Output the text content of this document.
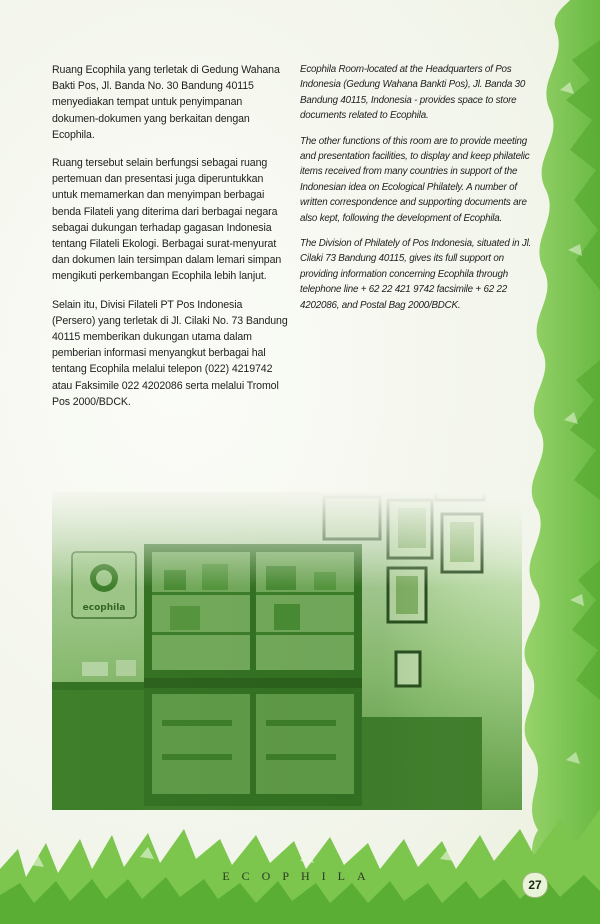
Ruang Ecophila yang terletak di Gedung Wahana Bakti Pos, Jl. Banda No. 30 Bandung 40115 menyediakan tempat untuk penyimpanan dokumen-dokumen yang berkaitan dengan Ecophila.

Ruang tersebut selain berfungsi sebagai ruang pertemuan dan presentasi juga diperuntukkan untuk memamerkan dan menyimpan berbagai benda Filateli yang diterima dari berbagai negara sebagai dukungan terhadap gagasan Indonesia tentang Filateli Ekologi. Berbagai surat-menyurat dan dokumen lain tersimpan dalam lemari simpan mengikuti perkembangan Ecophila lebih lanjut.

Selain itu, Divisi Filateli PT Pos Indonesia (Persero) yang terletak di Jl. Cilaki No. 73 Bandung 40115 memberikan dukungan utama dalam pemberian informasi menyangkut berbagai hal tentang Ecophila melalui telepon (022) 4219742 atau Faksimile 022 4202086 serta melalui Tromol Pos 2000/BDCK.

Ecophila Room-located at the Headquarters of Pos Indonesia (Gedung Wahana Bankti Pos), Jl. Banda 30 Bandung 40115, Indonesia - provides space to store documents related to Ecophila.

The other functions of this room are to provide meeting and presentation facilities, to display and keep philatelic items received from many countries in support of the Indonesian idea on Ecological Philately. A number of written correspondence and supporting documents are also kept, following the development of Ecophila.

The Division of Philately of Pos Indonesia, situated in Jl. Cilaki 73 Bandung 40115, gives its full support on providing information concerning Ecophila through telephone line + 62 22 421 9742 facsimile + 62 22 4202086, and Postal Bag 2000/BDCK.

ECOPHILA
27
